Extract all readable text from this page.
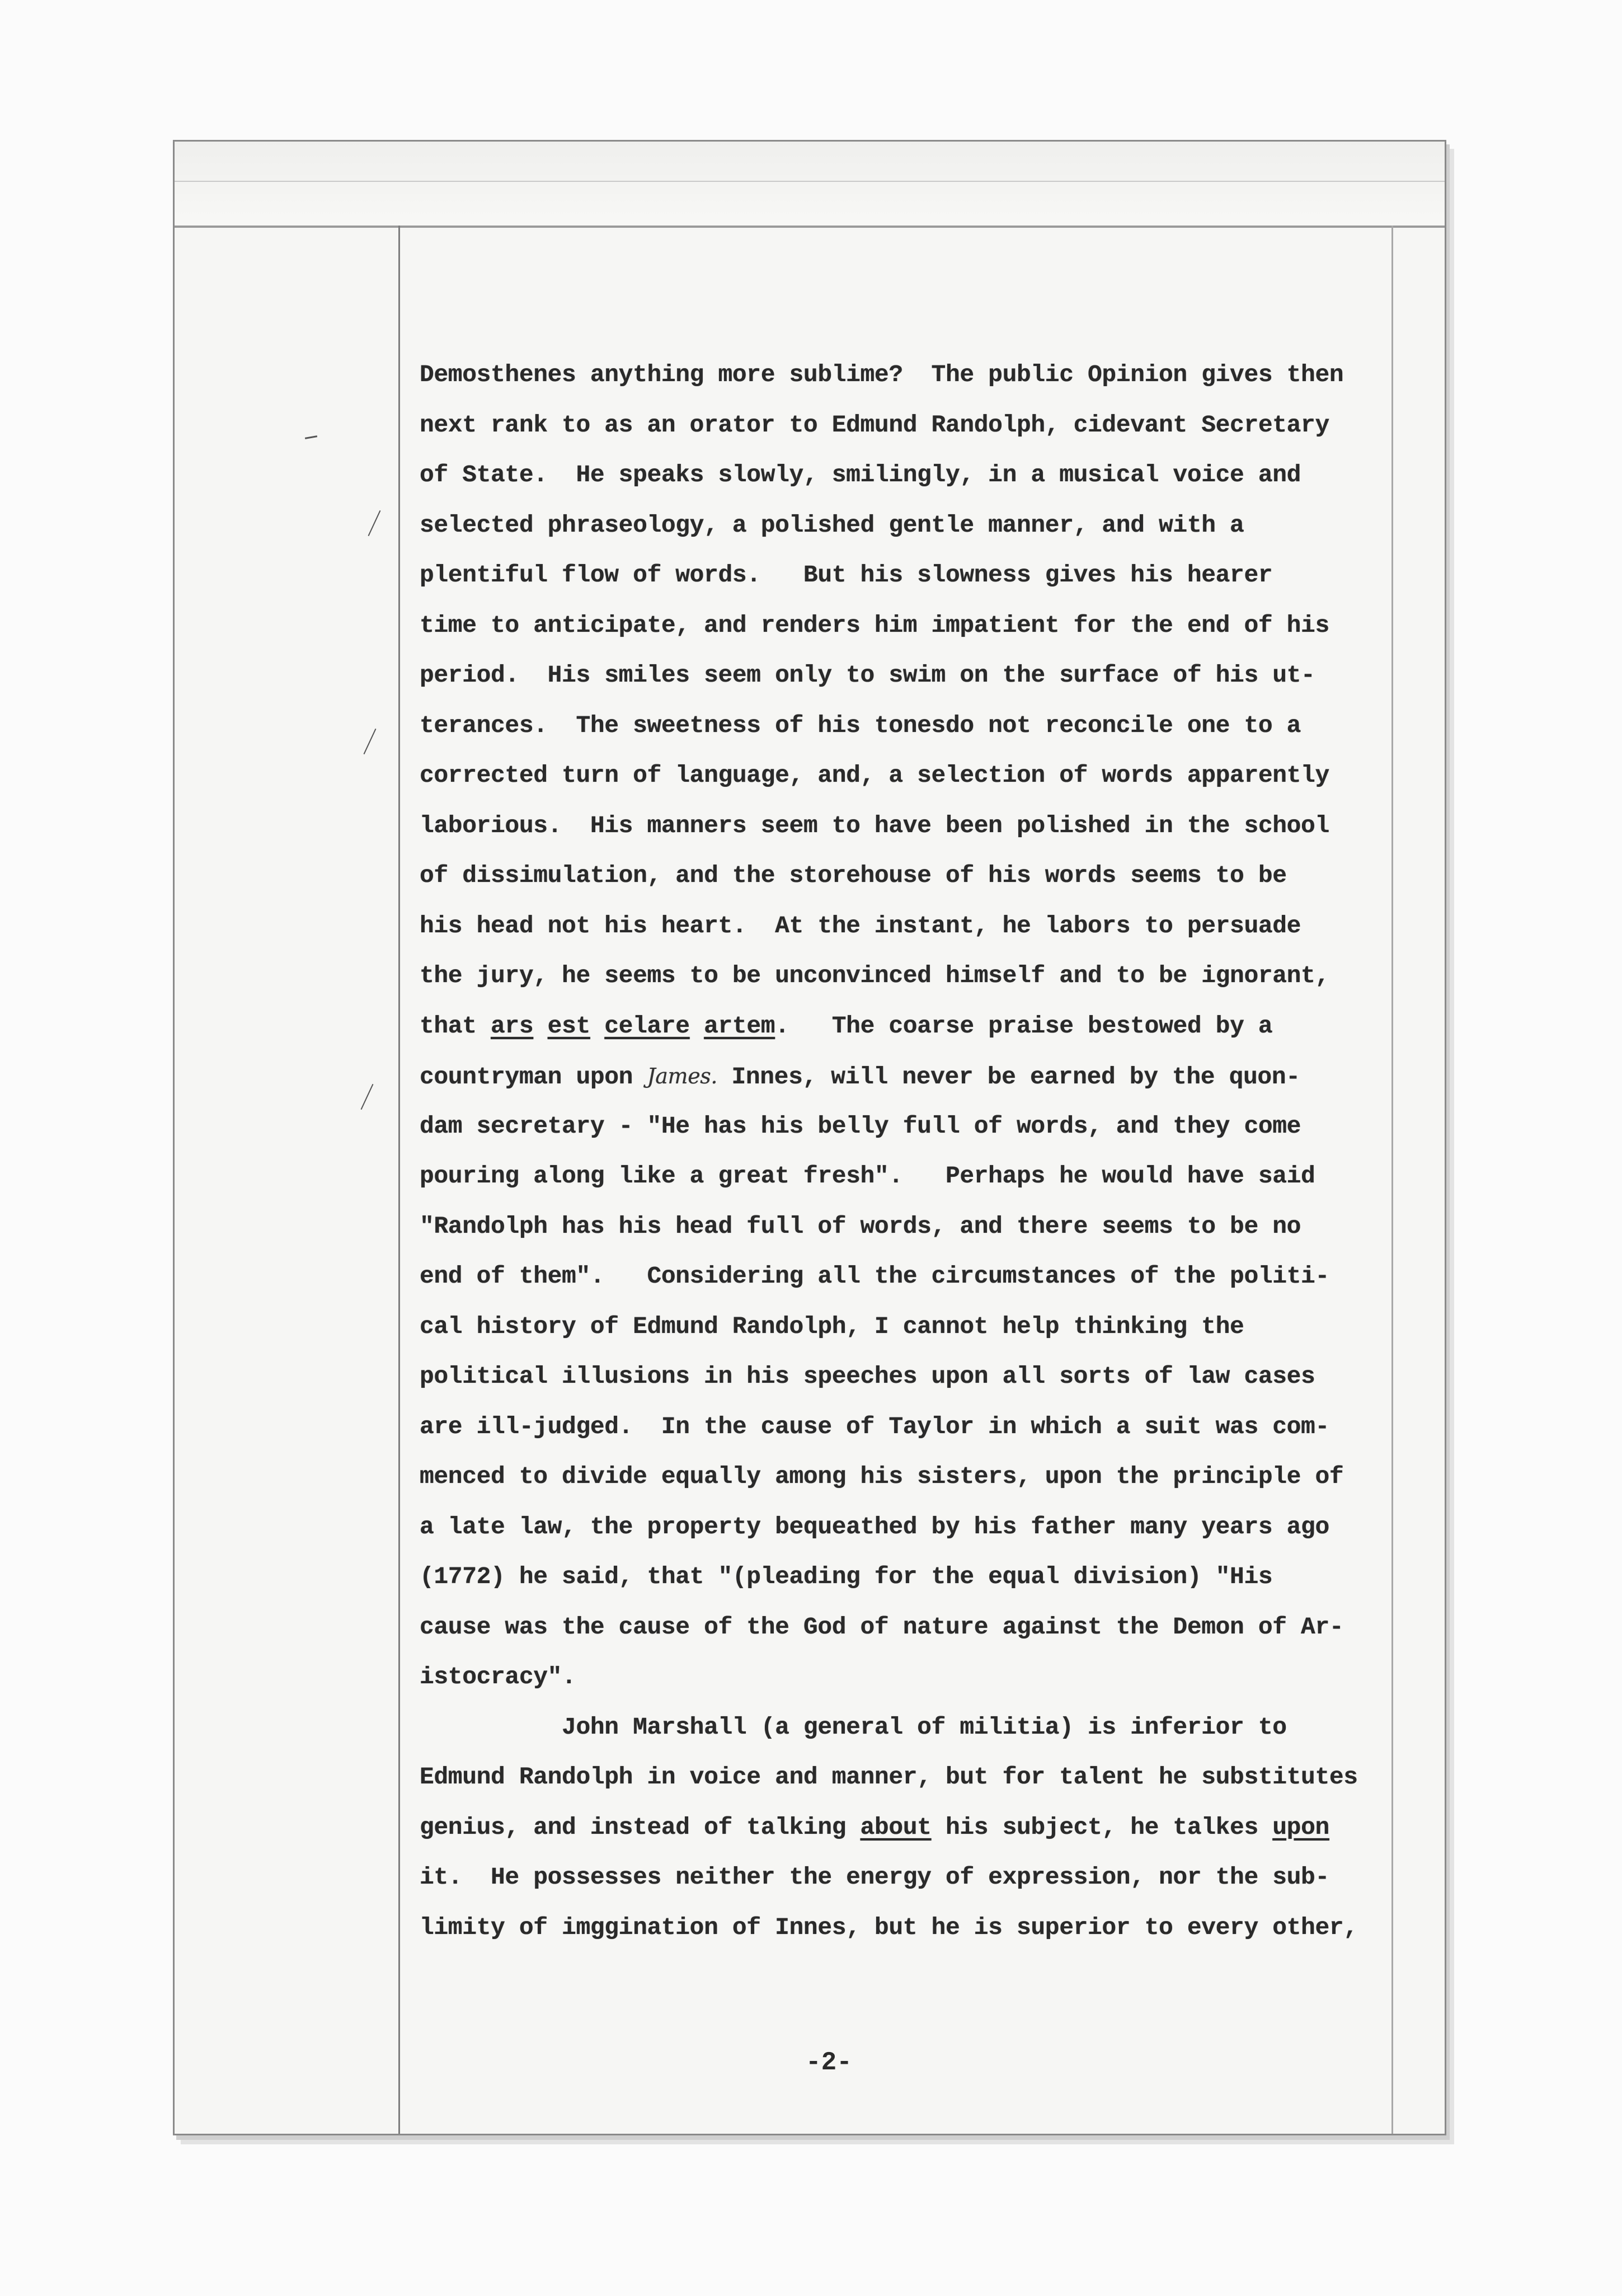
Demosthenes anything more sublime?  The public Opinion gives then
next rank to as an orator to Edmund Randolph, cidevant Secretary
of State.  He speaks slowly, smilingly, in a musical voice and
selected phraseology, a polished gentle manner, and with a
plentiful flow of words.   But his slowness gives his hearer
time to anticipate, and renders him impatient for the end of his
period.  His smiles seem only to swim on the surface of his ut-
terances.  The sweetness of his tonesdo not reconcile one to a
corrected turn of language, and, a selection of words apparently
laborious.  His manners seem to have been polished in the school
of dissimulation, and the storehouse of his words seems to be
his head not his heart.  At the instant, he labors to persuade
the jury, he seems to be unconvinced himself and to be ignorant,
that ars est celare artem.   The coarse praise bestowed by a
countryman upon James. Innes, will never be earned by the quon-
dam secretary - "He has his belly full of words, and they come
pouring along like a great fresh".   Perhaps he would have said
"Randolph has his head full of words, and there seems to be no
end of them".   Considering all the circumstances of the politi-
cal history of Edmund Randolph, I cannot help thinking the
political illusions in his speeches upon all sorts of law cases
are ill-judged.  In the cause of Taylor in which a suit was com-
menced to divide equally among his sisters, upon the principle of
a late law, the property bequeathed by his father many years ago
(1772) he said, that "(pleading for the equal division) "His
cause was the cause of the God of nature against the Demon of Ar-
istocracy".
John Marshall (a general of militia) is inferior to
Edmund Randolph in voice and manner, but for talent he substitutes
genius, and instead of talking about his subject, he talkes upon
it.  He possesses neither the energy of expression, nor the sub-
limity of imggination of Innes, but he is superior to every other,
-2-
